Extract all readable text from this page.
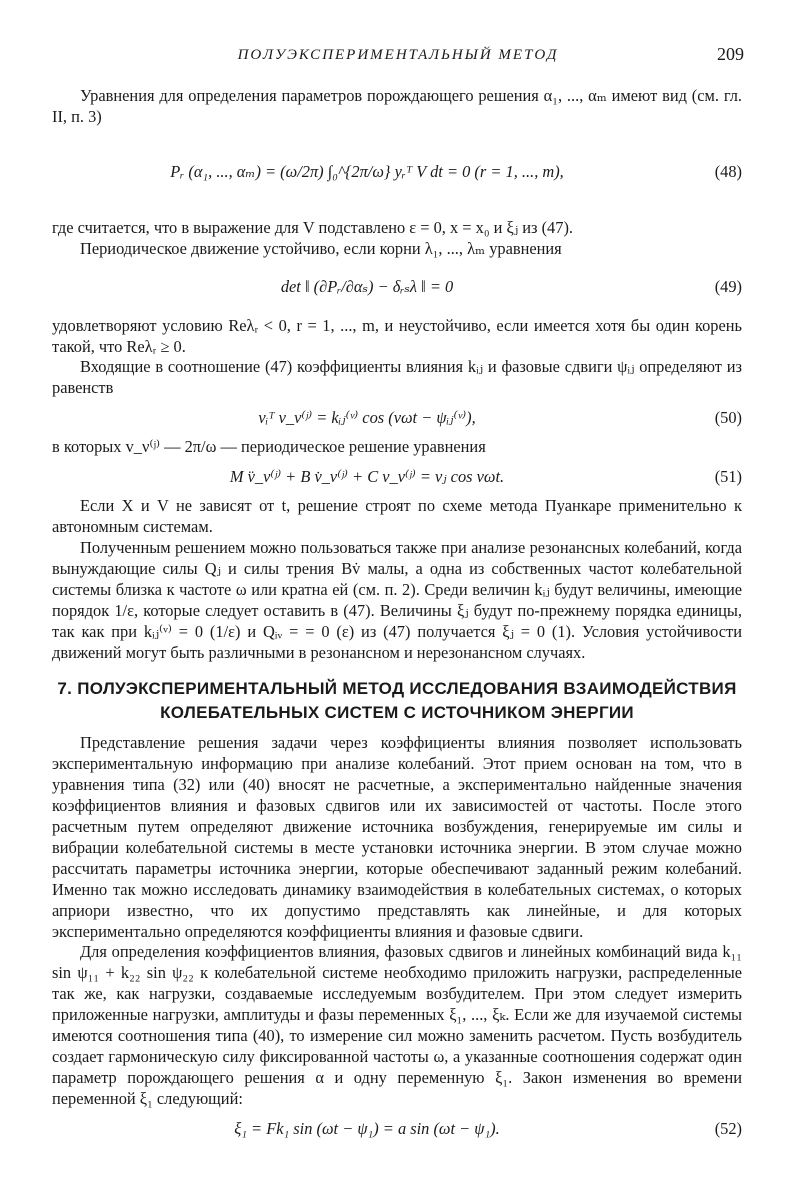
ПОЛУЭКСПЕРИМЕНТАЛЬНЫЙ МЕТОД	209

Уравнения для определения параметров порождающего решения α₁, ..., αₘ имеют вид (см. гл. II, п. 3)

Pᵣ (α₁, ..., αₘ) = (ω/2π) ∫₀^{2π/ω} yᵣᵀ V dt = 0 (r = 1, ..., m),	(48)

где считается, что в выражение для V подставлено ε = 0, x = x₀ и ξⱼ из (47).

Периодическое движение устойчиво, если корни λ₁, ..., λₘ уравнения

det ‖ (∂Pᵣ/∂αₛ) − δᵣₛλ ‖ = 0	(49)

удовлетворяют условию Reλᵣ < 0, r = 1, ..., m, и неустойчиво, если имеется хотя бы один корень такой, что Reλᵣ ≥ 0.

Входящие в соотношение (47) коэффициенты влияния kᵢⱼ и фазовые сдвиги ψᵢⱼ определяют из равенств

vᵢᵀ v_ν⁽ʲ⁾ = kᵢⱼ⁽ᵛ⁾ cos (νωt − ψᵢⱼ⁽ᵛ⁾),	(50)

в которых v_ν⁽ʲ⁾ — 2π/ω — периодическое решение уравнения

M v̈_ν⁽ʲ⁾ + B v̇_ν⁽ʲ⁾ + C v_ν⁽ʲ⁾ = vⱼ cos νωt.	(51)

Если X и V не зависят от t, решение строят по схеме метода Пуанкаре применительно к автономным системам.

Полученным решением можно пользоваться также при анализе резонансных колебаний, когда вынуждающие силы Qⱼ и силы трения Bv̇ малы, а одна из собственных частот колебательной системы близка к частоте ω или кратна ей (см. п. 2). Среди величин kᵢⱼ будут величины, имеющие порядок 1/ε, которые следует оставить в (47). Величины ξⱼ будут по-прежнему порядка единицы, так как при kᵢⱼ⁽ᵛ⁾ = 0 (1/ε) и Qᵢᵥ = = 0 (ε) из (47) получается ξⱼ = 0 (1). Условия устойчивости движений могут быть различными в резонансном и нерезонансном случаях.

7. ПОЛУЭКСПЕРИМЕНТАЛЬНЫЙ МЕТОД ИССЛЕДОВАНИЯ ВЗАИМОДЕЙСТВИЯ КОЛЕБАТЕЛЬНЫХ СИСТЕМ С ИСТОЧНИКОМ ЭНЕРГИИ

Представление решения задачи через коэффициенты влияния позволяет использовать экспериментальную информацию при анализе колебаний. Этот прием основан на том, что в уравнения типа (32) или (40) вносят не расчетные, а экспериментально найденные значения коэффициентов влияния и фазовых сдвигов или их зависимостей от частоты. После этого расчетным путем определяют движение источника возбуждения, генерируемые им силы и вибрации колебательной системы в месте установки источника энергии. В этом случае можно рассчитать параметры источника энергии, которые обеспечивают заданный режим колебаний. Именно так можно исследовать динамику взаимодействия в колебательных системах, о которых априори известно, что их допустимо представлять как линейные, и для которых экспериментально определяются коэффициенты влияния и фазовые сдвиги.

Для определения коэффициентов влияния, фазовых сдвигов и линейных комбинаций вида k₁₁ sin ψ₁₁ + k₂₂ sin ψ₂₂ к колебательной системе необходимо приложить нагрузки, распределенные так же, как нагрузки, создаваемые исследуемым возбудителем. При этом следует измерить приложенные нагрузки, амплитуды и фазы переменных ξ₁, ..., ξₖ. Если же для изучаемой системы имеются соотношения типа (40), то измерение сил можно заменить расчетом. Пусть возбудитель создает гармоническую силу фиксированной частоты ω, а указанные соотношения содержат один параметр порождающего решения α и одну переменную ξ₁. Закон изменения во времени переменной ξ₁ следующий:

ξ₁ = Fk₁ sin (ωt − ψ₁) = a sin (ωt − ψ₁).	(52)
